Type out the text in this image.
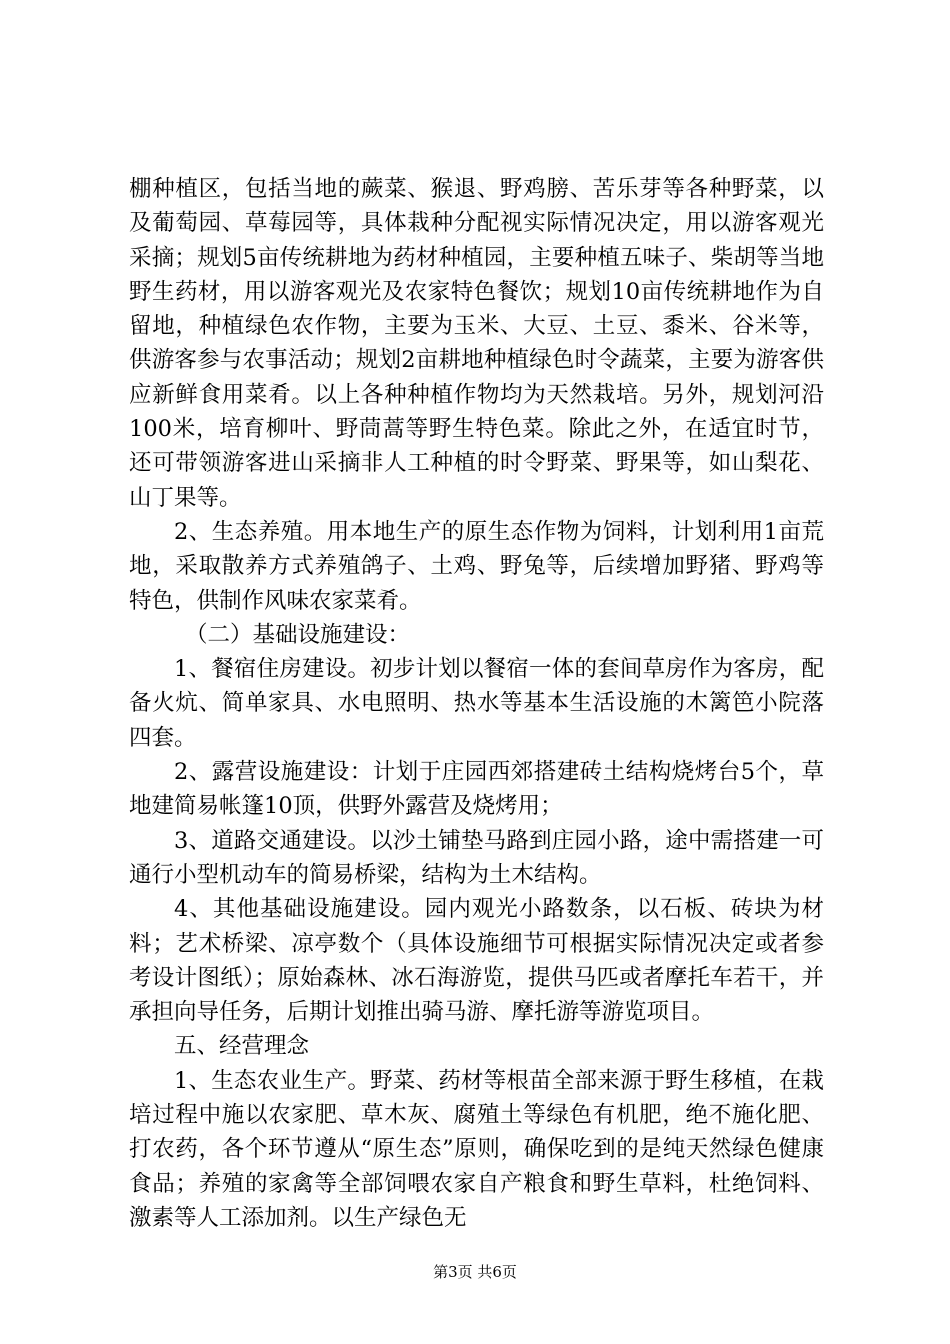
棚种植区，包括当地的蕨菜、猴退、野鸡膀、苦乐芽等各种野菜，以及葡萄园、草莓园等，具体栽种分配视实际情况决定，用以游客观光采摘；规划5亩传统耕地为药材种植园，主要种植五味子、柴胡等当地野生药材，用以游客观光及农家特色餐饮；规划10亩传统耕地作为自留地，种植绿色农作物，主要为玉米、大豆、土豆、黍米、谷米等，供游客参与农事活动；规划2亩耕地种植绿色时令蔬菜，主要为游客供应新鲜食用菜肴。以上各种种植作物均为天然栽培。另外，规划河沿100米，培育柳叶、野茼蒿等野生特色菜。除此之外，在适宜时节，还可带领游客进山采摘非人工种植的时令野菜、野果等，如山梨花、山丁果等。

2、生态养殖。用本地生产的原生态作物为饲料，计划利用1亩荒地，采取散养方式养殖鸽子、土鸡、野兔等，后续增加野猪、野鸡等特色，供制作风味农家菜肴。

（二）基础设施建设：

1、餐宿住房建设。初步计划以餐宿一体的套间草房作为客房，配备火炕、简单家具、水电照明、热水等基本生活设施的木篱笆小院落四套。

2、露营设施建设：计划于庄园西郊搭建砖土结构烧烤台5个，草地建简易帐篷10顶，供野外露营及烧烤用；

3、道路交通建设。以沙土铺垫马路到庄园小路，途中需搭建一可通行小型机动车的简易桥梁，结构为土木结构。

4、其他基础设施建设。园内观光小路数条，以石板、砖块为材料；艺术桥梁、凉亭数个（具体设施细节可根据实际情况决定或者参考设计图纸）；原始森林、冰石海游览，提供马匹或者摩托车若干，并承担向导任务，后期计划推出骑马游、摩托游等游览项目。

五、经营理念

1、生态农业生产。野菜、药材等根苗全部来源于野生移植，在栽培过程中施以农家肥、草木灰、腐殖土等绿色有机肥，绝不施化肥、打农药，各个环节遵从“原生态”原则，确保吃到的是纯天然绿色健康食品；养殖的家禽等全部饲喂农家自产粮食和野生草料，杜绝饲料、激素等人工添加剂。以生产绿色无

第3页 共6页
